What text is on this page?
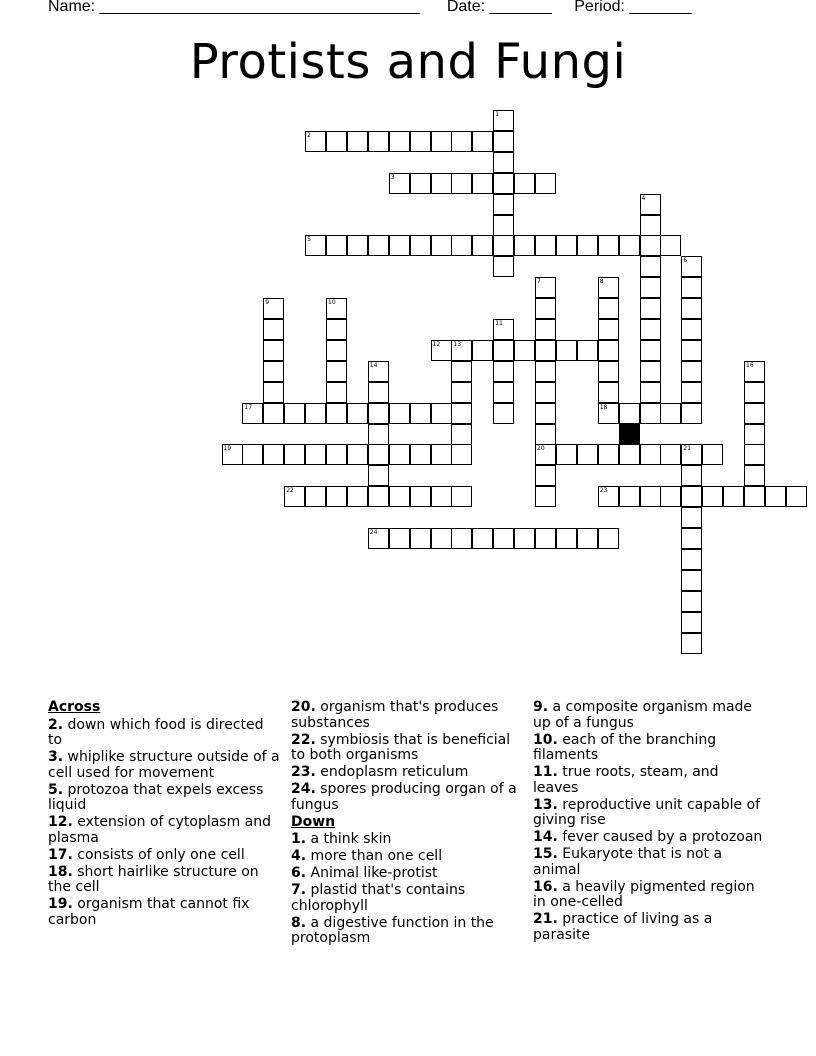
Name: ____________________________________ Date: _______ Period: _______
Protists and Fungi
2
3
5
12 13
17	18
19	20	21
22	23
24
1
4
6
7	8
9	10
11
14	16
Across
2. down which food is directed to
3. whiplike structure outside of a cell used for movement
5. protozoa that expels excess liquid
12. extension of cytoplasm and plasma
17. consists of only one cell
18. short hairlike structure on the cell
19. organism that cannot fix carbon
20. organism that's produces substances
22. symbiosis that is beneficial to both organisms
23. endoplasm reticulum
24. spores producing organ of a fungus
Down
1. a think skin
4. more than one cell
6. Animal like-protist
7. plastid that's contains chlorophyll
8. a digestive function in the protoplasm
9. a composite organism made up of a fungus
10. each of the branching filaments
11. true roots, steam, and leaves
13. reproductive unit capable of giving rise
14. fever caused by a protozoan
15. Eukaryote that is not a animal
16. a heavily pigmented region in one-celled
21. practice of living as a parasite
